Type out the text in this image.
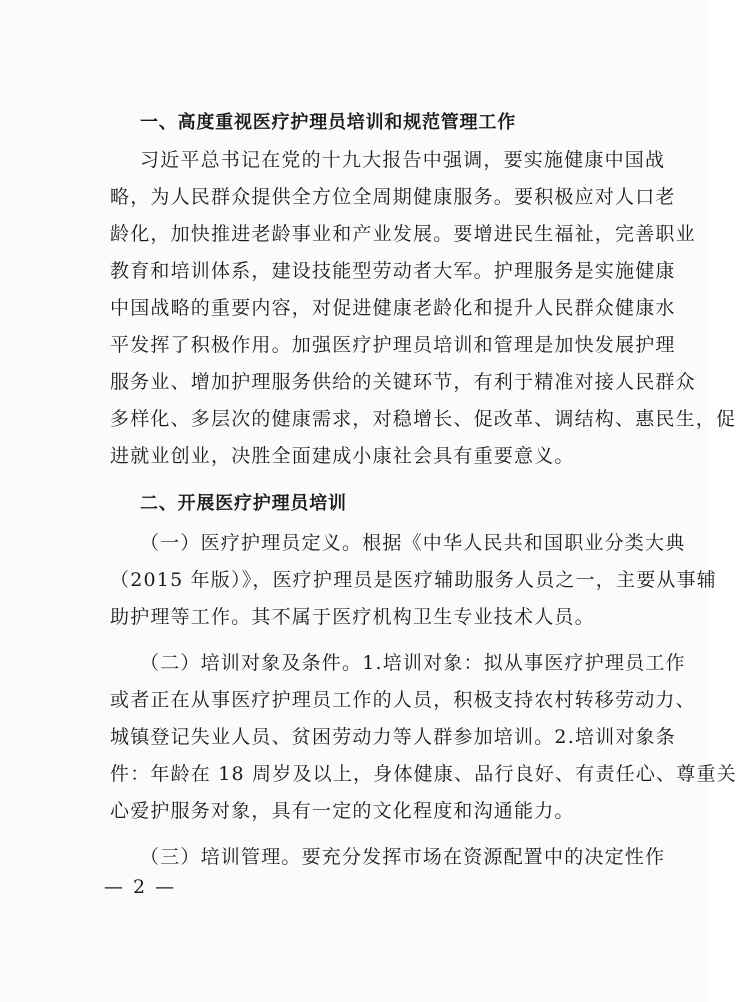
一、高度重视医疗护理员培训和规范管理工作
习近平总书记在党的十九大报告中强调，要实施健康中国战
略，为人民群众提供全方位全周期健康服务。要积极应对人口老
龄化，加快推进老龄事业和产业发展。要增进民生福祉，完善职业
教育和培训体系，建设技能型劳动者大军。护理服务是实施健康
中国战略的重要内容，对促进健康老龄化和提升人民群众健康水
平发挥了积极作用。加强医疗护理员培训和管理是加快发展护理
服务业、增加护理服务供给的关键环节，有利于精准对接人民群众
多样化、多层次的健康需求，对稳增长、促改革、调结构、惠民生，促
进就业创业，决胜全面建成小康社会具有重要意义。
二、开展医疗护理员培训
（一）医疗护理员定义。根据《中华人民共和国职业分类大典
（2015 年版）》，医疗护理员是医疗辅助服务人员之一，主要从事辅
助护理等工作。其不属于医疗机构卫生专业技术人员。
（二）培训对象及条件。1.培训对象：拟从事医疗护理员工作
或者正在从事医疗护理员工作的人员，积极支持农村转移劳动力、
城镇登记失业人员、贫困劳动力等人群参加培训。2.培训对象条
件：年龄在 18 周岁及以上，身体健康、品行良好、有责任心、尊重关
心爱护服务对象，具有一定的文化程度和沟通能力。
（三）培训管理。要充分发挥市场在资源配置中的决定性作
— 2 —
